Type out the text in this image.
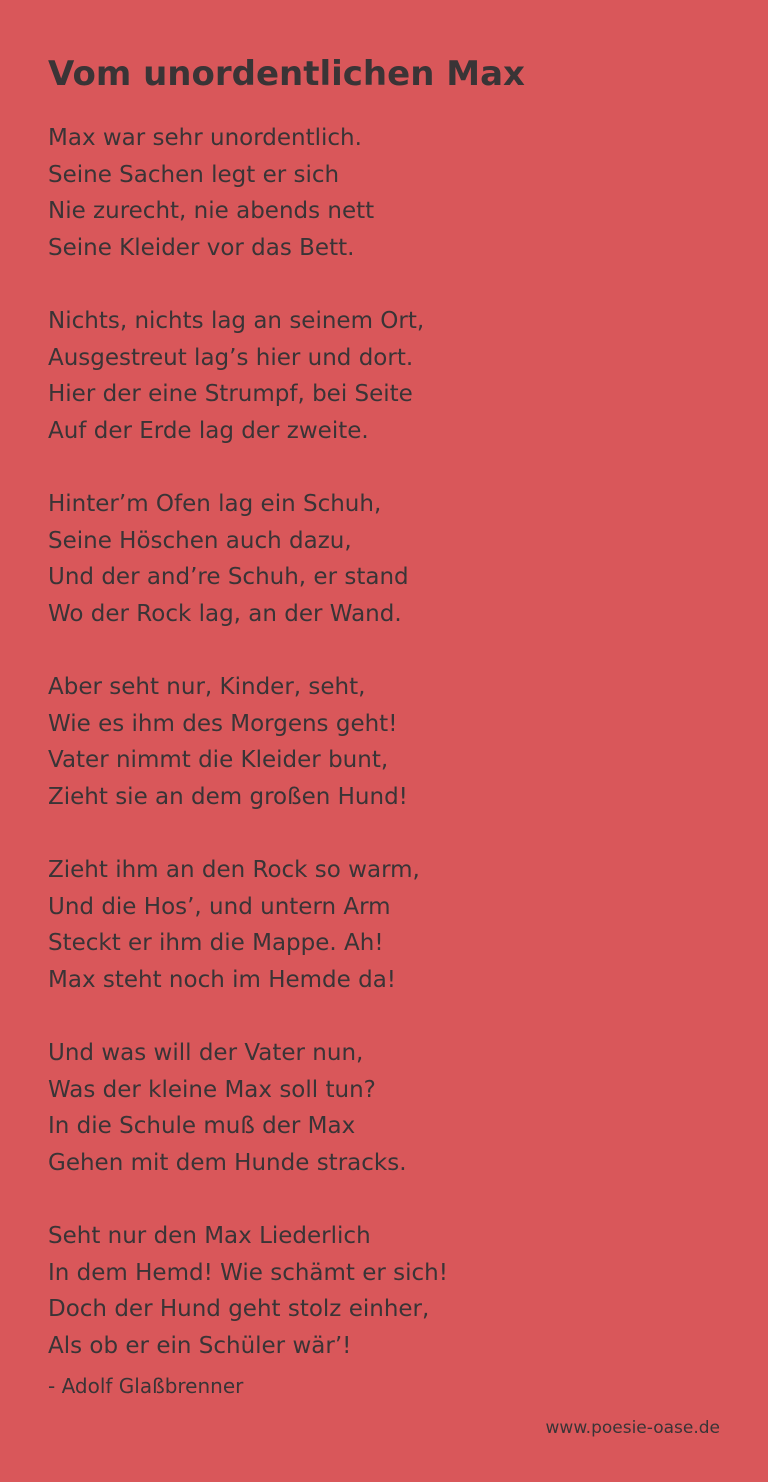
Vom unordentlichen Max
Max war sehr unordentlich.
Seine Sachen legt er sich
Nie zurecht, nie abends nett
Seine Kleider vor das Bett.
Nichts, nichts lag an seinem Ort,
Ausgestreut lag’s hier und dort.
Hier der eine Strumpf, bei Seite
Auf der Erde lag der zweite.
Hinter’m Ofen lag ein Schuh,
Seine Höschen auch dazu,
Und der and’re Schuh, er stand
Wo der Rock lag, an der Wand.
Aber seht nur, Kinder, seht,
Wie es ihm des Morgens geht!
Vater nimmt die Kleider bunt,
Zieht sie an dem großen Hund!
Zieht ihm an den Rock so warm,
Und die Hos’, und untern Arm
Steckt er ihm die Mappe. Ah!
Max steht noch im Hemde da!
Und was will der Vater nun,
Was der kleine Max soll tun?
In die Schule muß der Max
Gehen mit dem Hunde stracks.
Seht nur den Max Liederlich
In dem Hemd! Wie schämt er sich!
Doch der Hund geht stolz einher,
Als ob er ein Schüler wär’!
- Adolf Glaßbrenner
www.poesie-oase.de
